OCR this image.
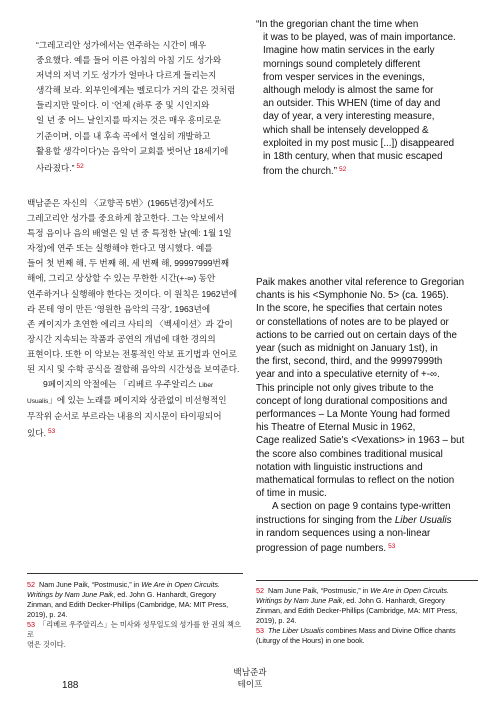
“그레고리안 성가에서는 연주하는 시간이 매우

중요했다. 예를 들어 이른 아침의 아침 기도 성가와

저녁의 저녁 기도 성가가 얼마나 다르게 들리는지

생각해 보라. 외부인에게는 멜로디가 거의 같은 것처럼

들리지만 말이다. 이 ‘언제 (하루 중 및 시인지와

일 년 중 어느 날인지를 따지는 것은 매우 흥미로운

기준이며, 이를 내 후속 곡에서 열심히 개발하고

활용할 생각이다’)는 음악이 교회를 벗어난 18세기에

사라졌다.” $^{52}$

백남준은 자신의 〈교향곡 5번〉(1965년경)에서도

그레고리안 성가를 중요하게 참고한다. 그는 악보에서

특정 음이나 음의 배열은 일 년 중 특정한 날(예: 1월 1일

자정)에 연주 또는 실행해야 한다고 명시했다. 예를

들어 첫 번째 해, 두 번째 해, 세 번째 해, 99997999번째

해에, 그리고 상상할 수 있는 무한한 시간(+-∞) 동안

연주하거나 실행해야 한다는 것이다. 이 원칙은 1962년에

라 몬테 영이 만든 ‘영원한 음악의 극장’, 1963년에

존 케이지가 초연한 에리크 사티의 〈벡세이션〉과 같이

장시간 지속되는 작품과 공연의 개념에 대한 경의의

표현이다. 또한 이 악보는 전통적인 악보 표기법과 언어로

된 지시 및 수학 공식을 결합해 음악의 시간성을 보여준다.

9페이지의 악절에는 「리베르 우주알리스 Liber

Usualis」에 있는 노래를 페이지와 상관없이 비선형적인

무작위 순서로 부르라는 내용의 지시문이 타이핑되어

있다. $^{53}$

“In the gregorian chant the time when

it was to be played, was of main importance.

Imagine how matin services in the early

mornings sound completely different

from vesper services in the evenings,

although melody is almost the same for

an outsider. This WHEN (time of day and

day of year, a very interesting measure,

which shall be intensely developped &

exploited in my post music [...]) disappeared

in 18th century, when that music escaped

from the church.” $^{52}$

Paik makes another vital reference to Gregorian

chants is his <Symphonie No. 5> (ca. 1965).

In the score, he specifies that certain notes

or constellations of notes are to be played or

actions to be carried out on certain days of the

year (such as midnight on January 1st), in

the first, second, third, and the 99997999th

year and into a speculative eternity of +-∞.

This principle not only gives tribute to the

concept of long durational compositions and

performances – La Monte Young had formed

his Theatre of Eternal Music in 1962,

Cage realized Satie's <Vexations> in 1963 – but

the score also combines traditional musical

notation with linguistic instructions and

mathematical formulas to reflect on the notion

of time in music.

A section on page 9 contains type-written

instructions for singing from the Liber Usualis

in random sequences using a non-linear

progression of page numbers. $^{53}$

52 Nam June Paik, “Postmusic,” in We Are in Open Circuits.

Writings by Nam June Paik, ed. John G. Hanhardt, Gregory

Zinman, and Edith Decker-Phillips (Cambridge, MA: MIT Press,

2019), p. 24.

53 「리베르 우주알리스」는 미사와 성무일도의 성가를 한 권의 책으로

엮은 것이다.

52 Nam June Paik, “Postmusic,” in We Are in Open Circuits.

Writings by Nam June Paik, ed. John G. Hanhardt, Gregory

Zinman, and Edith Decker-Phillips (Cambridge, MA: MIT Press,

2019), p. 24.

53 The Liber Usualis combines Mass and Divine Office chants

(Liturgy of the Hours) in one book.

188
백남준과
테이프
